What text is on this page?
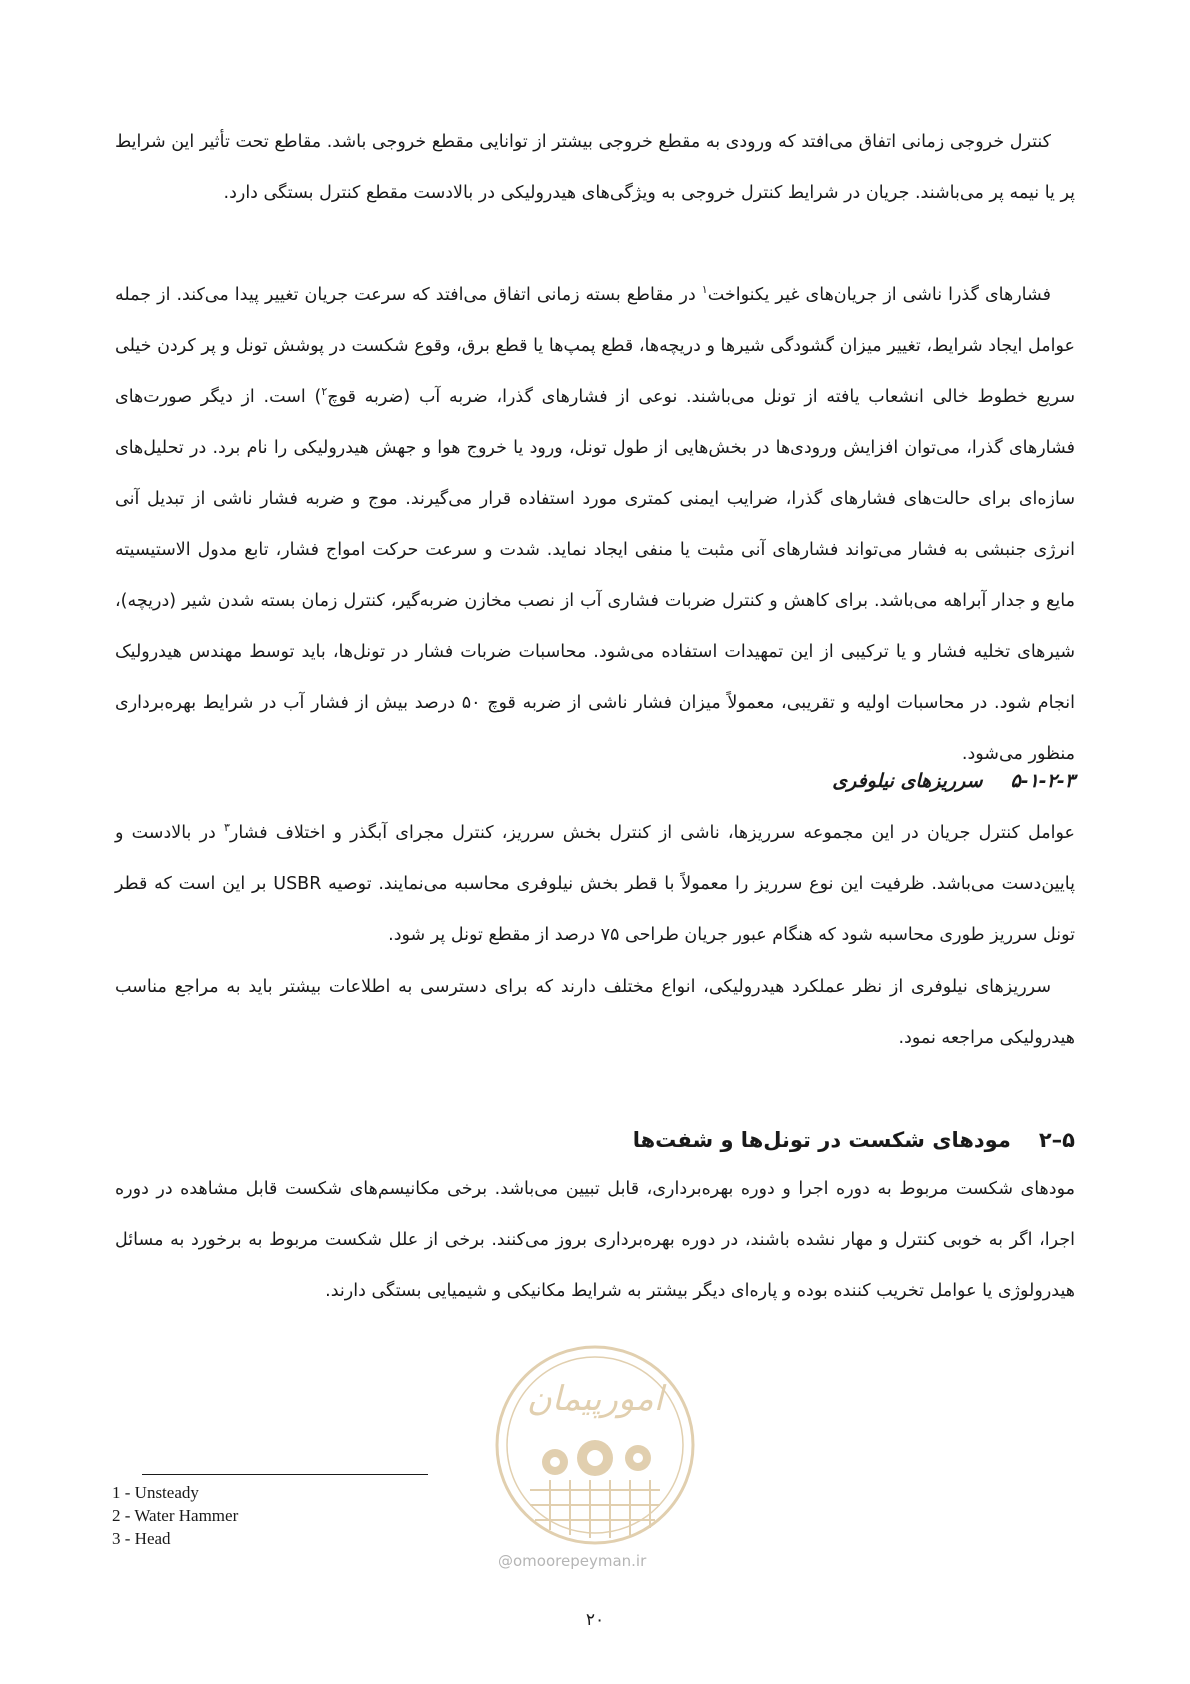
کنترل خروجی زمانی اتفاق می‌افتد که ورودی به مقطع خروجی بیشتر از توانایی مقطع خروجی باشد. مقاطع تحت تأثیر این شرایط پر یا نیمه پر می‌باشند. جریان در شرایط کنترل خروجی به ویژگی‌های هیدرولیکی در بالادست مقطع کنترل بستگی دارد.

فشارهای گذرا ناشی از جریان‌های غیر یکنواخت$^۱$ در مقاطع بسته زمانی اتفاق می‌افتد که سرعت جریان تغییر پیدا می‌کند. از جمله عوامل ایجاد شرایط، تغییر میزان گشودگی شیرها و دریچه‌ها، قطع پمپ‌ها یا قطع برق، وقوع شکست در پوشش تونل و پر کردن خیلی سریع خطوط خالی انشعاب یافته از تونل می‌باشند. نوعی از فشارهای گذرا، ضربه آب (ضربه قوچ$^۲$) است. از دیگر صورت‌های فشارهای گذرا، می‌توان افزایش ورودی‌ها در بخش‌هایی از طول تونل، ورود یا خروج هوا و جهش هیدرولیکی را نام برد. در تحلیل‌های سازه‌ای برای حالت‌های فشارهای گذرا، ضرایب ایمنی کمتری مورد استفاده قرار می‌گیرند. موج و ضربه فشار ناشی از تبدیل آنی انرژی جنبشی به فشار می‌تواند فشارهای آنی مثبت یا منفی ایجاد نماید. شدت و سرعت حرکت امواج فشار، تابع مدول الاستیسیته مایع و جدار آبراهه می‌باشد. برای کاهش و کنترل ضربات فشاری آب از نصب مخازن ضربه‌گیر، کنترل زمان بسته شدن شیر (دریچه)، شیرهای تخلیه فشار و یا ترکیبی از این تمهیدات استفاده می‌شود. محاسبات ضربات فشار در تونل‌ها، باید توسط مهندس هیدرولیک انجام شود. در محاسبات اولیه و تقریبی، معمولاً میزان فشار ناشی از ضربه قوچ ۵۰ درصد بیش از فشار آب در شرایط بهره‌برداری منظور می‌شود.

۵-۱-۲-۳سرریزهای نیلوفری

عوامل کنترل جریان در این مجموعه سرریزها، ناشی از کنترل بخش سرریز، کنترل مجرای آبگذر و اختلاف فشار$^۳$ در بالادست و پایین‌دست می‌باشد. ظرفیت این نوع سرریز را معمولاً با قطر بخش نیلوفری محاسبه می‌نمایند. توصیه USBR بر این است که قطر تونل سرریز طوری محاسبه شود که هنگام عبور جریان طراحی ۷۵ درصد از مقطع تونل پر شود.

سرریزهای نیلوفری از نظر عملکرد هیدرولیکی، انواع مختلف دارند که برای دسترسی به اطلاعات بیشتر باید به مراجع مناسب هیدرولیکی مراجعه نمود.

۵–۲مودهای شکست در تونل‌ها و شفت‌ها

مودهای شکست مربوط به دوره اجرا و دوره بهره‌برداری، قابل تبیین می‌باشد. برخی مکانیسم‌های شکست قابل مشاهده در دوره اجرا، اگر به خوبی کنترل و مهار نشده باشند، در دوره بهره‌برداری بروز می‌کنند. برخی از علل شکست مربوط به برخورد به مسائل هیدرولوژی یا عوامل تخریب کننده بوده و پاره‌ای دیگر بیشتر به شرایط مکانیکی و شیمیایی بستگی دارند.

امورپیمان
@omoorepeyman.ir
1 - Unsteady
2 - Water Hammer
3 - Head
۲۰
